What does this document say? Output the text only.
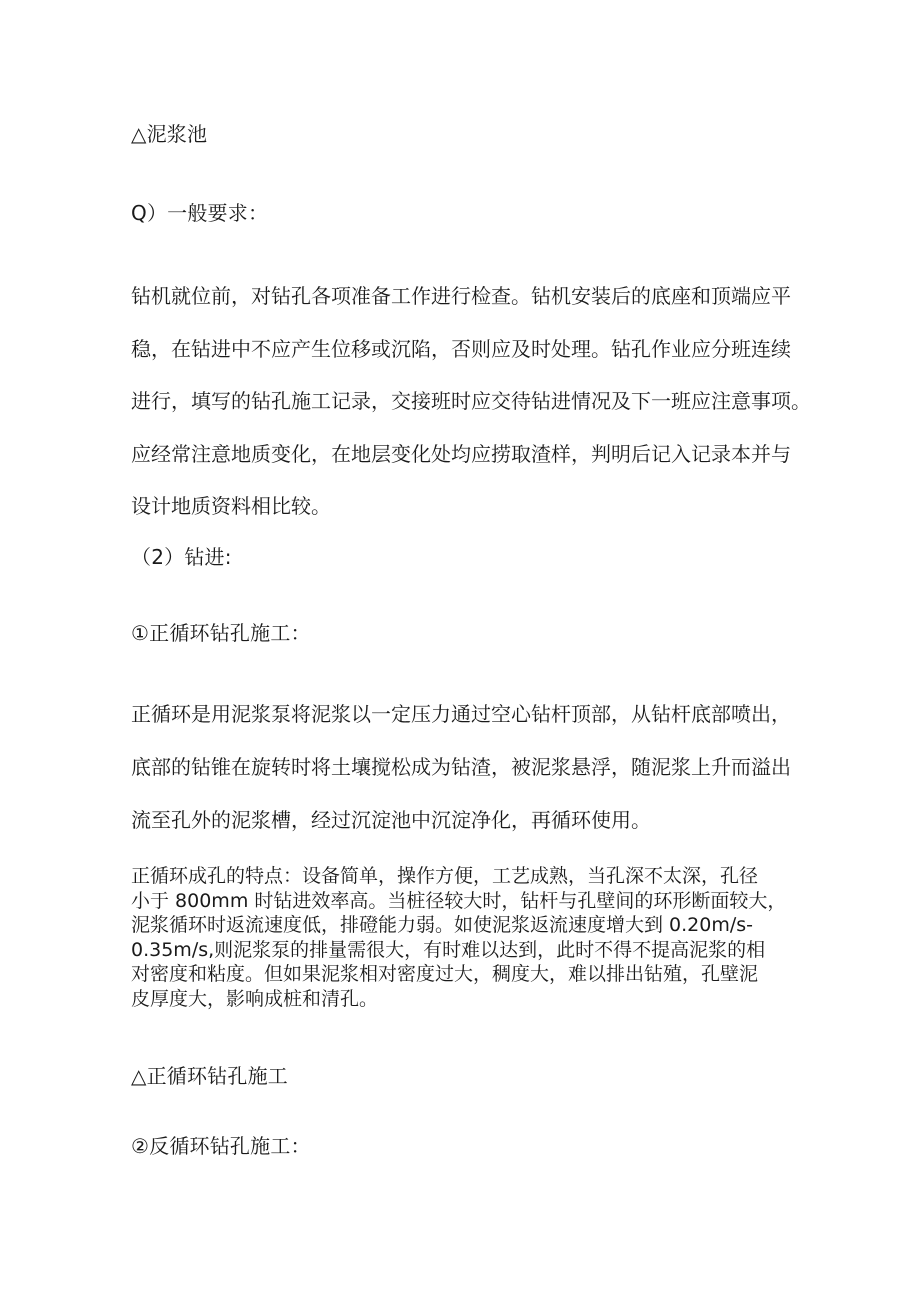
△泥浆池
Q）一般要求：
钻机就位前，对钻孔各项准备工作进行检查。钻机安装后的底座和顶端应平
稳，在钻进中不应产生位移或沉陷，否则应及时处理。钻孔作业应分班连续
进行，填写的钻孔施工记录，交接班时应交待钻进情况及下一班应注意事项。
应经常注意地质变化，在地层变化处均应捞取渣样，判明后记入记录本并与
设计地质资料相比较。
（2）钻进:
①正循环钻孔施工：
正循环是用泥浆泵将泥浆以一定压力通过空心钻杆顶部，从钻杆底部喷出，
底部的钻锥在旋转时将土壤搅松成为钻渣，被泥浆悬浮，随泥浆上升而溢出
流至孔外的泥浆槽，经过沉淀池中沉淀净化，再循环使用。
正循环成孔的特点：设备简单，操作方便，工艺成熟，当孔深不太深，孔径
小于 800mm 时钻进效率高。当桩径较大时，钻杆与孔壁间的环形断面较大，
泥浆循环时返流速度低，排磴能力弱。如使泥浆返流速度增大到 0.20m∕s-
0.35m∕s,则泥浆泵的排量需很大，有时难以达到，此时不得不提高泥浆的相
对密度和粘度。但如果泥浆相对密度过大，稠度大，难以排出钻殖，孔壁泥
皮厚度大，影响成桩和清孔。
△正循环钻孔施工
②反循环钻孔施工：
